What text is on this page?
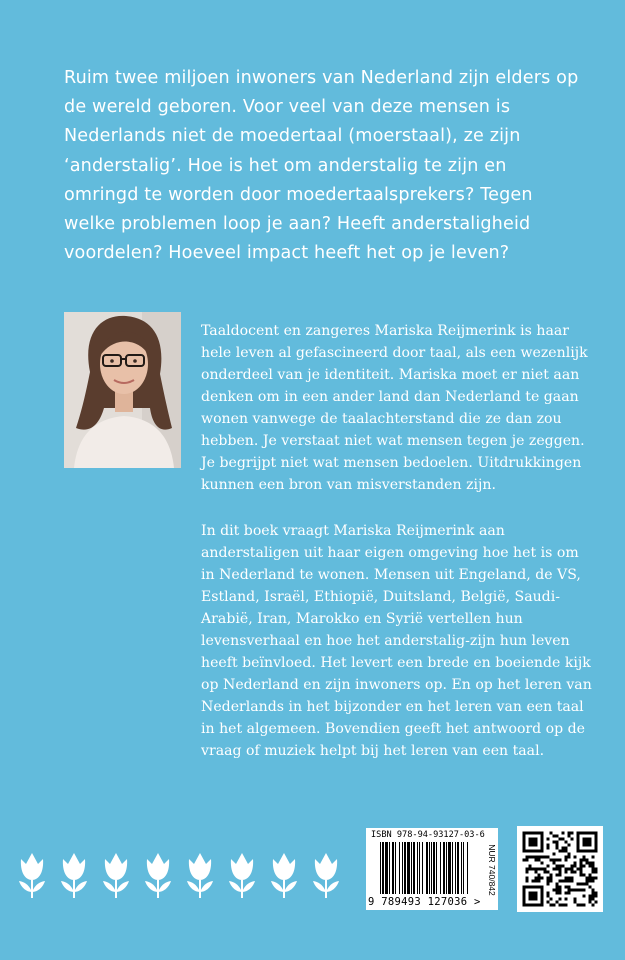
Ruim twee miljoen inwoners van Nederland zijn elders op de wereld geboren. Voor veel van deze mensen is Nederlands niet de moedertaal (moerstaal), ze zijn ‘anderstalig’. Hoe is het om anderstalig te zijn en omringd te worden door moedertaalsprekers? Tegen welke problemen loop je aan? Heeft anderstaligheid voordelen? Hoeveel impact heeft het op je leven?

Taaldocent en zangeres Mariska Reijmerink is haar hele leven al gefascineerd door taal, als een wezenlijk onderdeel van je identiteit. Mariska moet er niet aan denken om in een ander land dan Nederland te gaan wonen vanwege de taalachterstand die ze dan zou hebben. Je verstaat niet wat mensen tegen je zeggen. Je begrijpt niet wat mensen bedoelen. Uitdrukkingen kunnen een bron van misverstanden zijn.

In dit boek vraagt Mariska Reijmerink aan anderstaligen uit haar eigen omgeving hoe het is om in Nederland te wonen. Mensen uit Engeland, de VS, Estland, Israël, Ethiopië, Duitsland, België, Saudi-Arabië, Iran, Marokko en Syrië vertellen hun levensverhaal en hoe het anderstalig-zijn hun leven heeft beïnvloed. Het levert een brede en boeiende kijk op Nederland en zijn inwoners op. En op het leren van Nederlands in het bijzonder en het leren van een taal in het algemeen. Bovendien geeft het antwoord op de vraag of muziek helpt bij het leren van een taal.

ISBN 978-94-93127-03-6
9 789493 127036 >
NUR 740/842
